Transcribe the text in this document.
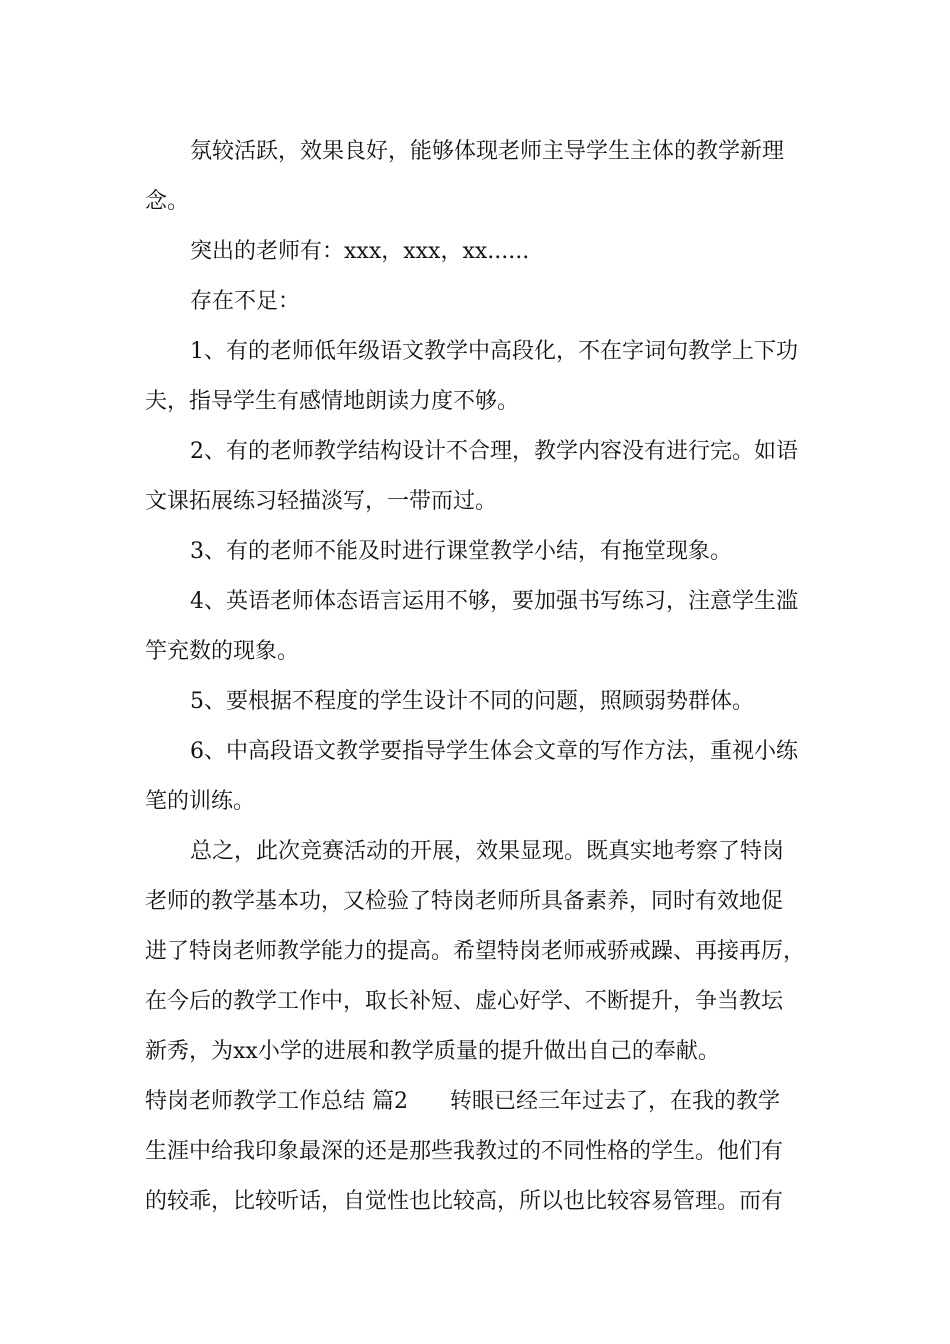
氛较活跃，效果良好，能够体现老师主导学生主体的教学新理
念。
突出的老师有：xxx，xxx，xx......
存在不足：
1、有的老师低年级语文教学中高段化，不在字词句教学上下功
夫，指导学生有感情地朗读力度不够。
2、有的老师教学结构设计不合理，教学内容没有进行完。如语
文课拓展练习轻描淡写，一带而过。
3、有的老师不能及时进行课堂教学小结，有拖堂现象。
4、英语老师体态语言运用不够，要加强书写练习，注意学生滥
竽充数的现象。
5、要根据不程度的学生设计不同的问题，照顾弱势群体。
6、中高段语文教学要指导学生体会文章的写作方法，重视小练
笔的训练。
总之，此次竞赛活动的开展，效果显现。既真实地考察了特岗
老师的教学基本功，又检验了特岗老师所具备素养，同时有效地促
进了特岗老师教学能力的提高。希望特岗老师戒骄戒躁、再接再厉，
在今后的教学工作中，取长补短、虚心好学、不断提升，争当教坛
新秀，为xx小学的进展和教学质量的提升做出自己的奉献。
特岗老师教学工作总结 篇2 转眼已经三年过去了，在我的教学
生涯中给我印象最深的还是那些我教过的不同性格的学生。他们有
的较乖，比较听话，自觉性也比较高，所以也比较容易管理。而有
